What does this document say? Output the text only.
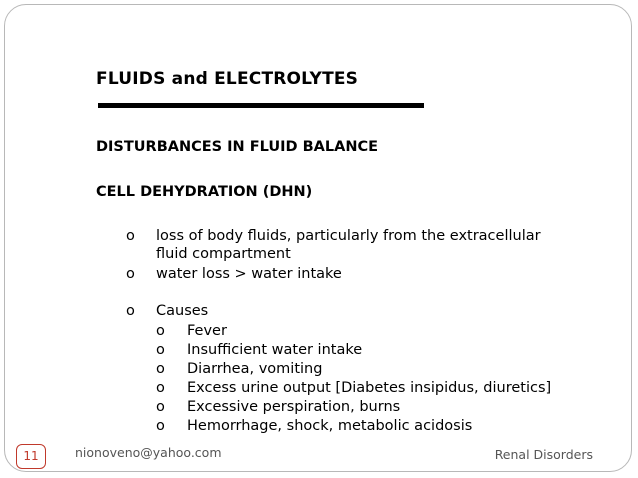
FLUIDS and ELECTROLYTES
DISTURBANCES IN FLUID BALANCE
CELL DEHYDRATION (DHN)
o loss of body fluids, particularly from the extracellular
fluid compartment
o water loss > water intake
o Causes
o Fever
o Insufficient water intake
o Diarrhea, vomiting
o Excess urine output [Diabetes insipidus, diuretics]
o Excessive perspiration, burns
o Hemorrhage, shock, metabolic acidosis
11	nionoveno@yahoo.com	Renal Disorders
